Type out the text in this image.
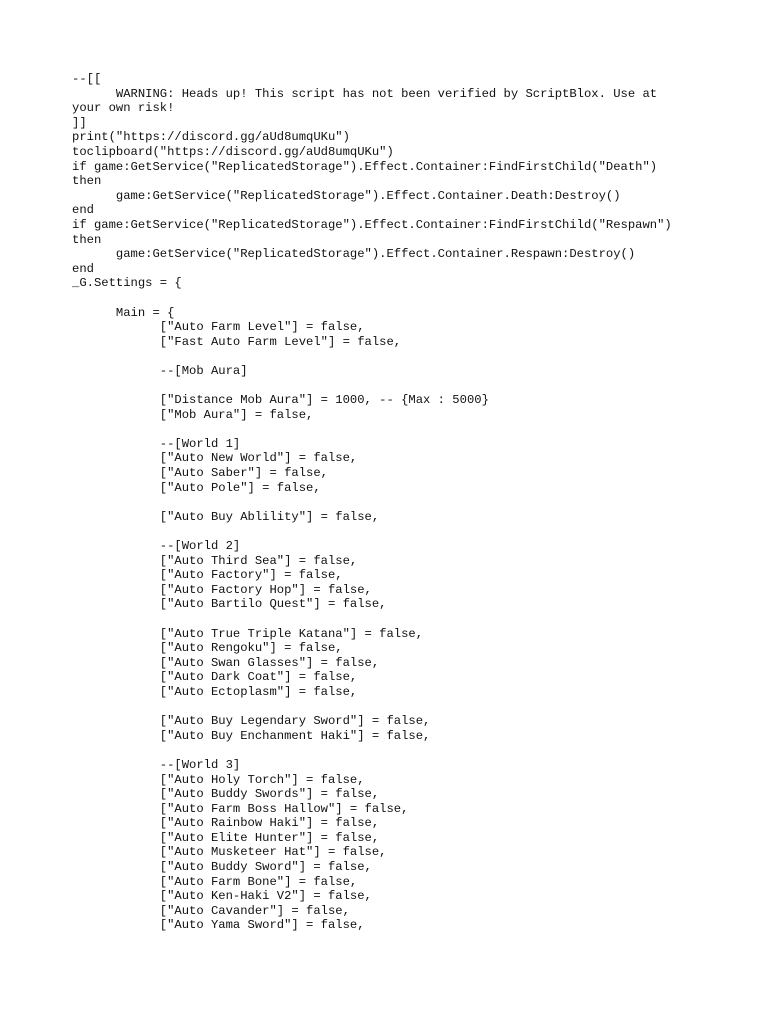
--[[
WARNING: Heads up! This script has not been verified by ScriptBlox. Use at
your own risk!
]]
print("https://discord.gg/aUd8umqUKu")
toclipboard("https://discord.gg/aUd8umqUKu")
if game:GetService("ReplicatedStorage").Effect.Container:FindFirstChild("Death")
then
game:GetService("ReplicatedStorage").Effect.Container.Death:Destroy()
end
if game:GetService("ReplicatedStorage").Effect.Container:FindFirstChild("Respawn")
then
game:GetService("ReplicatedStorage").Effect.Container.Respawn:Destroy()
end
_G.Settings = {
Main = {
["Auto Farm Level"] = false,
["Fast Auto Farm Level"] = false,
--[Mob Aura]
["Distance Mob Aura"] = 1000, -- {Max : 5000}
["Mob Aura"] = false,
--[World 1]
["Auto New World"] = false,
["Auto Saber"] = false,
["Auto Pole"] = false,
["Auto Buy Ablility"] = false,
--[World 2]
["Auto Third Sea"] = false,
["Auto Factory"] = false,
["Auto Factory Hop"] = false,
["Auto Bartilo Quest"] = false,
["Auto True Triple Katana"] = false,
["Auto Rengoku"] = false,
["Auto Swan Glasses"] = false,
["Auto Dark Coat"] = false,
["Auto Ectoplasm"] = false,
["Auto Buy Legendary Sword"] = false,
["Auto Buy Enchanment Haki"] = false,
--[World 3]
["Auto Holy Torch"] = false,
["Auto Buddy Swords"] = false,
["Auto Farm Boss Hallow"] = false,
["Auto Rainbow Haki"] = false,
["Auto Elite Hunter"] = false,
["Auto Musketeer Hat"] = false,
["Auto Buddy Sword"] = false,
["Auto Farm Bone"] = false,
["Auto Ken-Haki V2"] = false,
["Auto Cavander"] = false,
["Auto Yama Sword"] = false,
